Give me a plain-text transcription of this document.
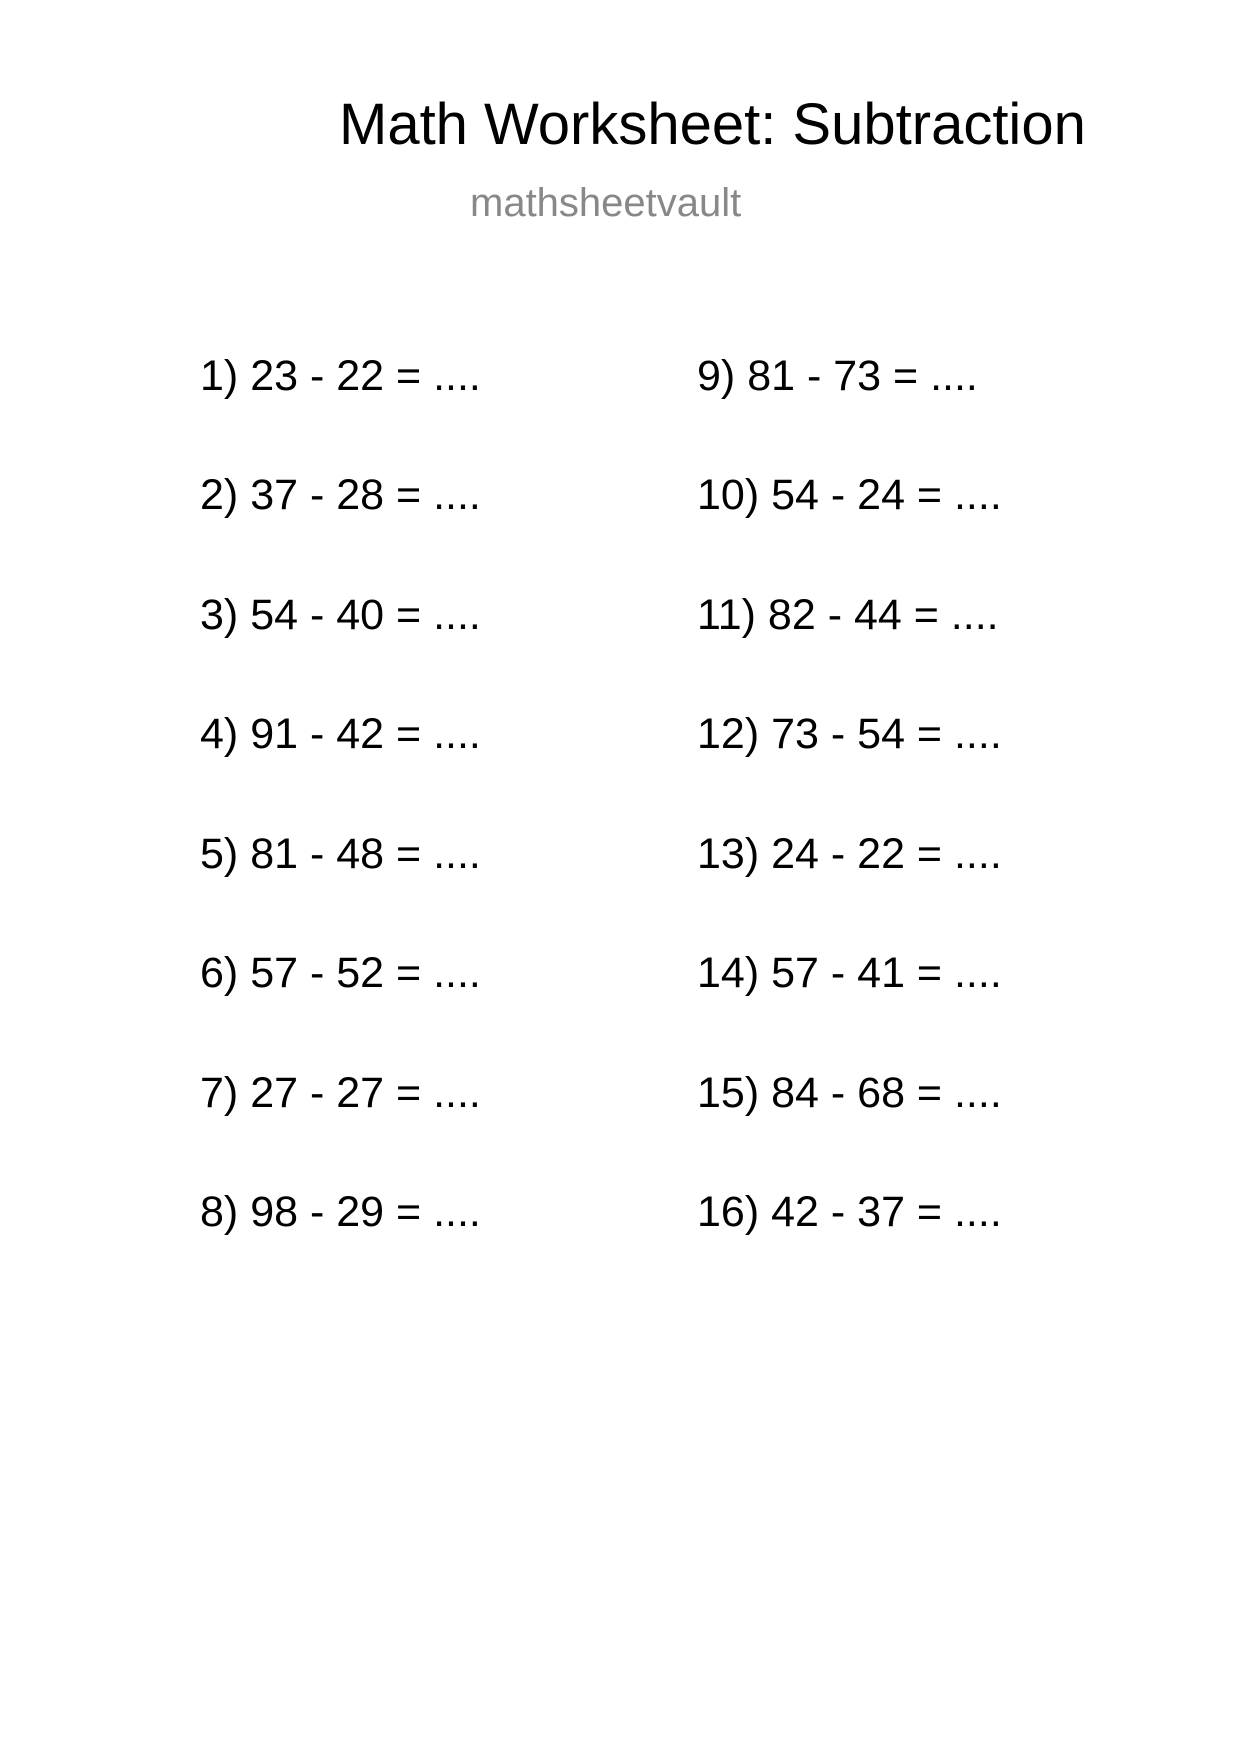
Math Worksheet: Subtraction
mathsheetvault
1) 23 - 22 = ....
2) 37 - 28 = ....
3) 54 - 40 = ....
4) 91 - 42 = ....
5) 81 - 48 = ....
6) 57 - 52 = ....
7) 27 - 27 = ....
8) 98 - 29 = ....
9) 81 - 73 = ....
10) 54 - 24 = ....
11) 82 - 44 = ....
12) 73 - 54 = ....
13) 24 - 22 = ....
14) 57 - 41 = ....
15) 84 - 68 = ....
16) 42 - 37 = ....
